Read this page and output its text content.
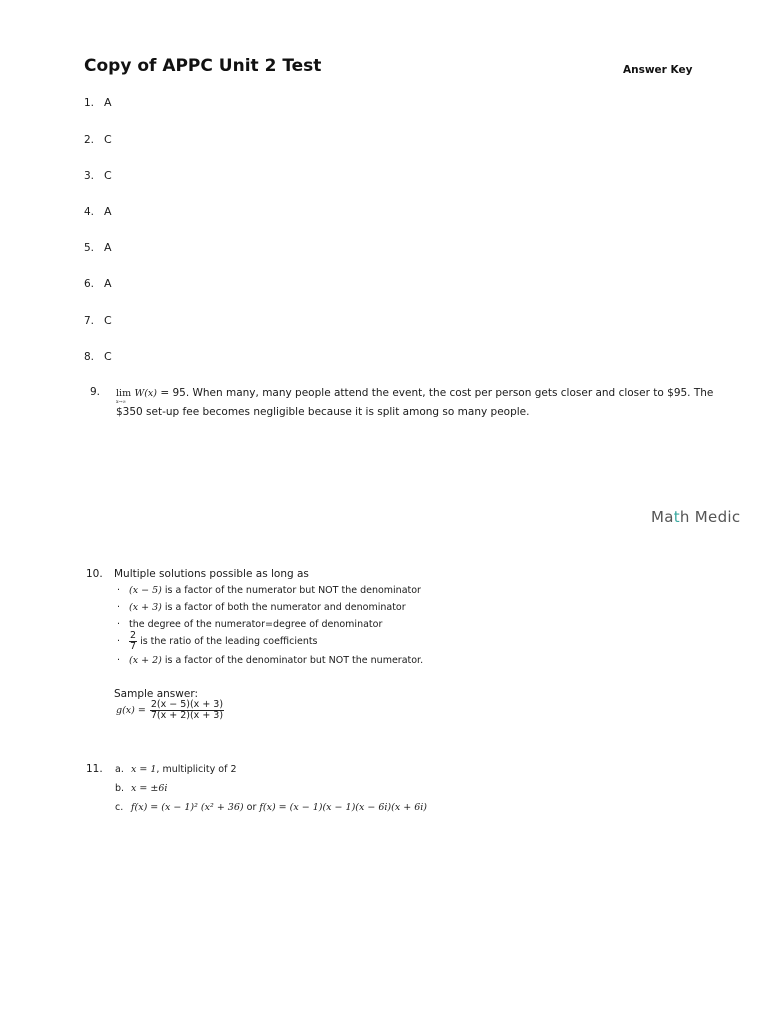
Copy of APPC Unit 2 Test	Answer Key
1. A
2. C
3. C
4. A
5. A
6. A
7. C
8. C
9. lim
x→∞
W(x) = 95. When many, many people attend the event, the cost per person gets closer and closer to $95. The
$350 set-up fee becomes negligible because it is split among so many people.
Math Medic
10. Multiple solutions possible as long as
· (x − 5) is a factor of the numerator but NOT the denominator
· (x + 3) is a factor of both the numerator and denominator
· the degree of the numerator=degree of denominator
· $\frac{2}{7}$ is the ratio of the leading coefficients
· (x + 2) is a factor of the denominator but NOT the numerator.
Sample answer:
$g(x) = \frac{2(x - 5)(x + 3)}{7(x + 2)(x + 3)}$
11. a. x = 1, multiplicity of 2
b. x = ±6i
c. f(x) = (x − 1)² (x² + 36) or f(x) = (x − 1)(x − 1)(x − 6i)(x + 6i)
